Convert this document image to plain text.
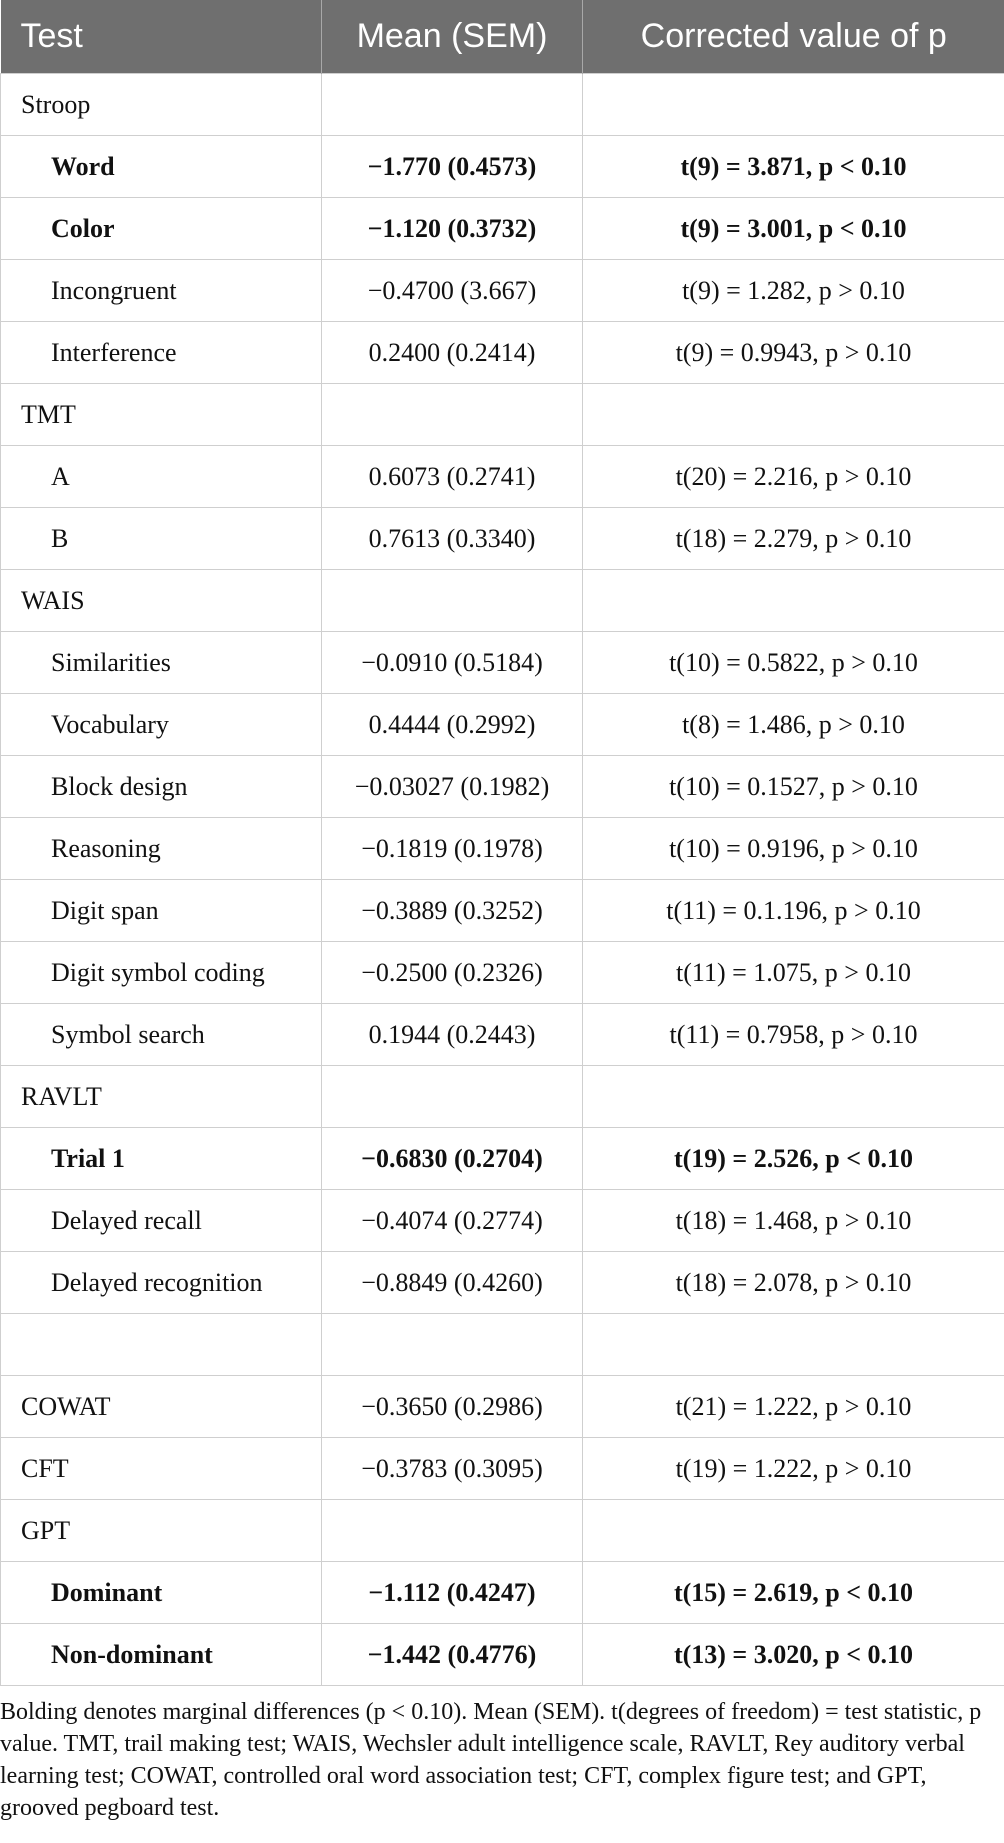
Test	Mean (SEM)	Corrected value of p
Stroop		
Word	−1.770 (0.4573)	t(9) = 3.871, p < 0.10
Color	−1.120 (0.3732)	t(9) = 3.001, p < 0.10
Incongruent	−0.4700 (3.667)	t(9) = 1.282, p > 0.10
Interference	0.2400 (0.2414)	t(9) = 0.9943, p > 0.10
TMT		
A	0.6073 (0.2741)	t(20) = 2.216, p > 0.10
B	0.7613 (0.3340)	t(18) = 2.279, p > 0.10
WAIS		
Similarities	−0.0910 (0.5184)	t(10) = 0.5822, p > 0.10
Vocabulary	0.4444 (0.2992)	t(8) = 1.486, p > 0.10
Block design	−0.03027 (0.1982)	t(10) = 0.1527, p > 0.10
Reasoning	−0.1819 (0.1978)	t(10) = 0.9196, p > 0.10
Digit span	−0.3889 (0.3252)	t(11) = 0.1.196, p > 0.10
Digit symbol coding	−0.2500 (0.2326)	t(11) = 1.075, p > 0.10
Symbol search	0.1944 (0.2443)	t(11) = 0.7958, p > 0.10
RAVLT		
Trial 1	−0.6830 (0.2704)	t(19) = 2.526, p < 0.10
Delayed recall	−0.4074 (0.2774)	t(18) = 1.468, p > 0.10
Delayed recognition	−0.8849 (0.4260)	t(18) = 2.078, p > 0.10

COWAT	−0.3650 (0.2986)	t(21) = 1.222, p > 0.10
CFT	−0.3783 (0.3095)	t(19) = 1.222, p > 0.10
GPT		
Dominant	−1.112 (0.4247)	t(15) = 2.619, p < 0.10
Non-dominant	−1.442 (0.4776)	t(13) = 3.020, p < 0.10
Bolding denotes marginal differences (p < 0.10). Mean (SEM). t(degrees of freedom) = test statistic, p value. TMT, trail making test; WAIS, Wechsler adult intelligence scale, RAVLT, Rey auditory verbal learning test; COWAT, controlled oral word association test; CFT, complex figure test; and GPT, grooved pegboard test.
